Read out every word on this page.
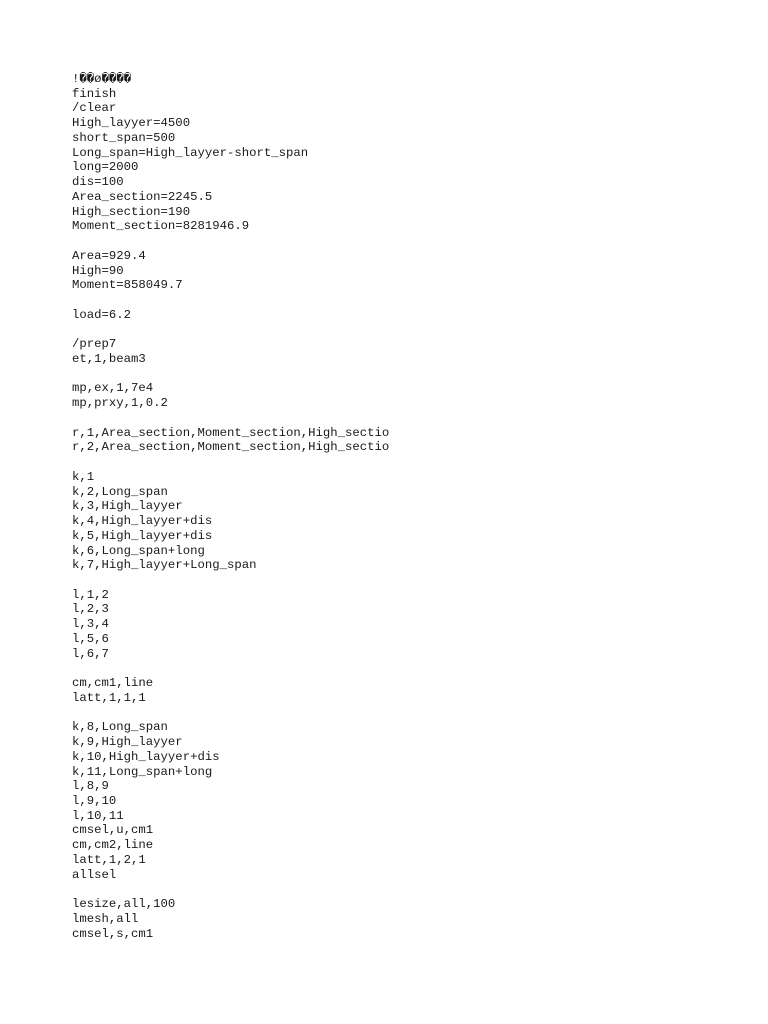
!��ø����
finish
/clear
High_layyer=4500
short_span=500
Long_span=High_layyer-short_span
long=2000
dis=100
Area_section=2245.5
High_section=190
Moment_section=8281946.9
Area=929.4
High=90
Moment=858049.7
load=6.2
/prep7
et,1,beam3
mp,ex,1,7e4
mp,prxy,1,0.2
r,1,Area_section,Moment_section,High_sectio
r,2,Area_section,Moment_section,High_sectio
k,1
k,2,Long_span
k,3,High_layyer
k,4,High_layyer+dis
k,5,High_layyer+dis
k,6,Long_span+long
k,7,High_layyer+Long_span
l,1,2
l,2,3
l,3,4
l,5,6
l,6,7
cm,cm1,line
latt,1,1,1
k,8,Long_span
k,9,High_layyer
k,10,High_layyer+dis
k,11,Long_span+long
l,8,9
l,9,10
l,10,11
cmsel,u,cm1
cm,cm2,line
latt,1,2,1
allsel
lesize,all,100
lmesh,all
cmsel,s,cm1
